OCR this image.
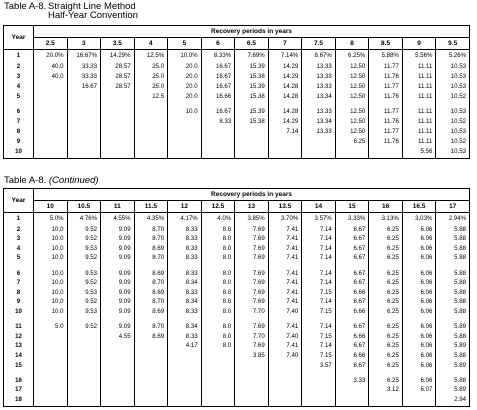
Table A-8. Straight Line Method
Half-Year Convention
Year	Recovery periods in years												
	2.5	3	3.5	4	5	6	6.5	7	7.5	8	8.5	9	9.5
1	20.0%	16.67%	14.29%	12.5%	10.0%	8.33%	7.69%	7.14%	6.67%	6.25%	5.88%	5.56%	5.26%
2	40.0	33.33	28.57	25.0	20.0	16.67	15.39	14.29	13.33	12.50	11.77	11.11	10.53
3	40.0	33.33	28.57	25.0	20.0	16.67	15.38	14.29	13.33	12.50	11.76	11.11	10.53
4		16.67	28.57	25.0	20.0	16.67	15.39	14.28	13.33	12.50	11.77	11.11	10.53
5				12.5	20.0	16.66	15.38	14.28	13.34	12.50	11.76	11.11	10.52

6					10.0	16.67	15.39	14.28	13.33	12.50	11.77	11.11	10.53
7						8.33	15.38	14.29	13.34	12.50	11.76	11.11	10.52
8								7.14	13.33	12.50	11.77	11.11	10.53
9										6.25	11.76	11.11	10.52
10												5.56	10.53
Table A-8. (Continued)
Year	Recovery periods in years												
	10	10.5	11	11.5	12	12.5	13	13.5	14	15	16	16.5	17
1	5.0%	4.76%	4.55%	4.35%	4.17%	4.0%	3.85%	3.70%	3.57%	3.33%	3.13%	3.03%	2.94%
2	10.0	9.52	9.09	8.70	8.33	8.0	7.69	7.41	7.14	6.67	6.25	6.06	5.88
3	10.0	9.52	9.09	8.70	8.33	8.0	7.69	7.41	7.14	6.67	6.25	6.06	5.88
4	10.0	9.53	9.09	8.69	8.33	8.0	7.69	7.41	7.14	6.67	6.25	6.06	5.88
5	10.0	9.52	9.09	8.70	8.33	8.0	7.69	7.41	7.14	6.67	6.25	6.06	5.88

6	10.0	9.53	9.09	8.69	8.33	8.0	7.69	7.41	7.14	6.67	6.25	6.06	5.88
7	10.0	9.52	9.09	8.70	8.34	8.0	7.69	7.41	7.14	6.67	6.25	6.06	5.88
8	10.0	9.53	9.09	8.69	8.33	8.0	7.69	7.41	7.15	6.66	6.25	6.06	5.88
9	10.0	9.52	9.09	8.70	8.34	8.0	7.69	7.41	7.14	6.67	6.25	6.06	5.88
10	10.0	9.53	9.09	8.69	8.33	8.0	7.70	7.40	7.15	6.66	6.25	6.06	5.88

11	5.0	9.52	9.09	8.70	8.34	8.0	7.69	7.41	7.14	6.67	6.25	6.06	5.89
12			4.55	8.69	8.33	8.0	7.70	7.40	7.15	6.66	6.25	6.06	5.88
13					4.17	8.0	7.69	7.41	7.14	6.67	6.25	6.06	5.89
14							3.85	7.40	7.15	6.66	6.25	6.06	5.88
15									3.57	6.67	6.25	6.06	5.89

16										3.33	6.25	6.06	5.88
17											3.12	6.07	5.89
18													2.94
